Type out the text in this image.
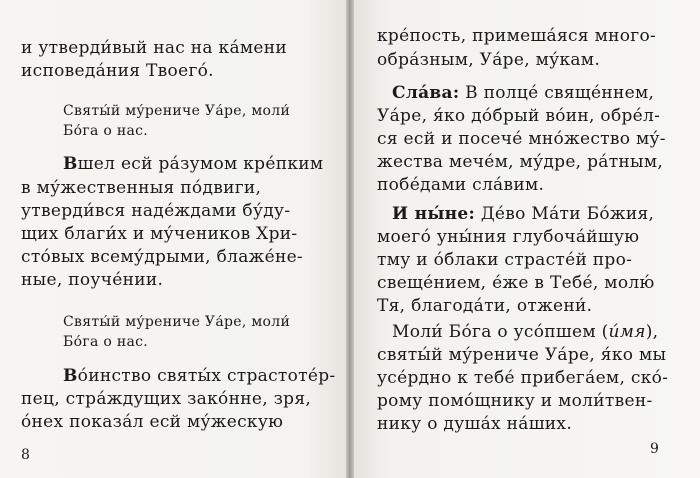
и утверди́вый нас на ка́мени
исповеда́ния Твоего́.
Святы́й му́рениче Уа́ре, моли́
Бо́га о нас.
Вшел есй ра́зумом кре́пким
в му́жественныя по́двиги,
утверди́вся наде́ждами бу́ду-
щих благи́х и му́чеников Хри-
сто́вых всему́дрыми, блаже́не-
ные, поуче́нии.
Святы́й му́рениче Уа́ре, моли́
Бо́га о нас.
Во́инство святы́х страстоте́р-
пец, стра́ждущих зако́нне, зря,
о́нех показа́л есй му́жескую
8
кре́пость, примеша́яся много-
обра́зным, Уа́ре, му́кам.
Сла́ва: В полце́ свяще́ннем,
Уа́ре, я́ко до́брый во́ин, обре́л-
ся есй и посече́ мно́жество му́-
жества мече́м, му́дре, ра́тным,
побе́дами сла́вим.
И ны́не: Де́во Ма́ти Бо́жия,
моего́ уны́ния глубоча́йшую
тму и о́блаки страсте́й про-
свеще́нием, е́же в Тебе́, молю́
Тя, благода́ти, отжени́.
Моли́ Бо́га о усо́пшем (и́мя),
святы́й му́рениче Уа́ре, я́ко мы
усе́рдно к тебе́ прибега́ем, ско́-
рому помо́щнику и моли́твен-
нику о душа́х на́ших.
9
